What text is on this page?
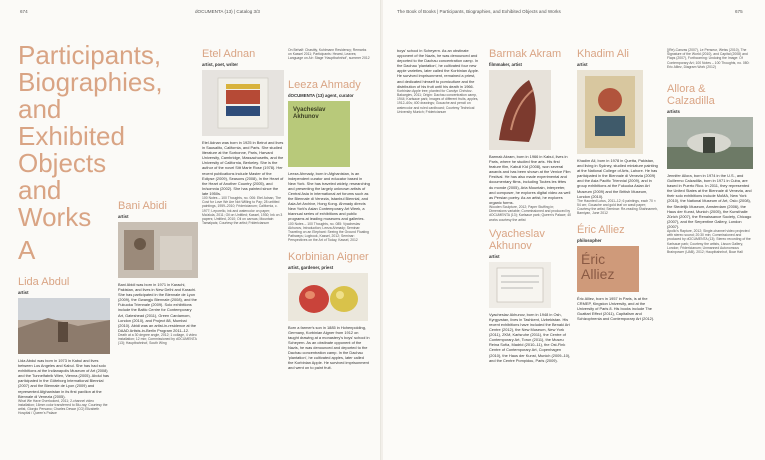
674	dOCUMENTA (13) | Catalog 3/3

Participants,

Biographies,

and Exhibited

Objects and

Works

A

Lida Abdul

artist

Lida Abdul was born in 1973 in Kabul and lives between Los Angeles and Kabul. She has had solo exhibitions at the Indianapolis Museum of Art (2008) and the Tunnelfabrik Wien, Vienna (2005). Abdul has participated in the Göteborg International Biennial (2007) and the Biennale de Lyon (2009) and represented Afghanistan in its first pavilion at the Biennale di Venezia (2005).

What We Have Overlooked, 2011; 2-channel video installation; 16mm color transferred to Blu-ray; Courtesy the artist, Giorgio Persano; Charles Dewar (CG) Elizabeth Hospital / Queen's Palace

Bani Abidi

artist

Bani Abidi was born in 1971 in Karachi, Pakistan, and lives in New Delhi and Karachi. She has participated in the Biennale de Lyon (2009), the Gwangju Biennale (2008), and the Fukuoka Triennale (2009). Solo exhibitions include the Baltic Centre for Contemporary Art, Gateshead (2011), Green Cardamom, London (2010), and Project 88, Mumbai (2010). Abidi was an artist-in-residence at the DAAD Artists-in-Berlin Program 2011–12.

Death at a 30 degree angle, 2012; 1 collage, 4 video installation; 12 min; Commissioned by dOCUMENTA (13); Hauptbahnhof, South Wing

Etel Adnan

artist, poet, writer

Etel Adnan was born in 1925 in Beirut and lives in Sausalito, California, and Paris. She studied literature at the Sorbonne, Paris, Harvard University, Cambridge, Massachusetts, and the University of California, Berkeley. She is the author of the novel Sitt Marie Rose (1978). Her recent publications include Master of the Eclipse (2009), Seasons (2008), In the Heart of the Heart of Another Country (2005), and In/somnia (2002). She has painted since the late 1950s.

100 Notes – 100 Thoughts, no. 006: Etel Adnan, The Cost for Love We Are Not Willing to Pay; 28 untitled paintings, 1959–2010; Fridericianum; California, c. 1977; Leporello, ink and watercolor on paper; Ma'alula, 2011; Oil on Untitled; Kassel, 1930; Ink on 3 papers; Untitled, 2010; Oil on canvas; Mountain Tamalpais; Courtesy the artist; Fridericianum

On Behalf: Chastity, Kuhlmann Residency; Remarks on Kassel 2011; Participants: Hearst, Leaves; Language on Air: Stage 'Hauptbahnhof', summer 2012

Leeza Ahmady

dOCUMENTA (13) agent, curator

Vyacheslav Akhunov

Leeza Ahmady, born in Afghanistan, is an independent curator and educator based in New York. She has traveled widely, researching and presenting the largely unknown artists of Central Asia in international art forums such as the Biennale di Venezia, Istanbul Biennial, and Asia Art Archive, Hong Kong. Ahmady directs New York's Asian Contemporary Art Week, a biannual series of exhibitions and public programs at leading museums and galleries.

100 Notes – 100 Thoughts, no. 085: Vyacheslav Akhunov, Introduction; Leeza Ahmady; Seminar: Traveling on an Elephant: Seeing the Ground Floating Pathways; Logbook, Kassel, 2012; Seminar: Perspectives on the Art of Today, Kassel, 2012

Korbinian Aigner

artist, gardener, priest

Born a farmer's son in 1885 in Hohenpolding, Germany, Korbinian Aigner from 1912 on taught drawing at a monastery's boys' school in Scheyern. As an obstinate opponent of the Nazis, he was denounced and deported to the Dachau concentration camp. In the Dachau 'plantation', he cultivated apples, later called the Korbinian Apple. He survived imprisonment and went on to paint fruit.

The Book of Books | Participants, Biographies, and Exhibited Objects and Works	675

boys' school in Scheyern. As an obstinate opponent of the Nazis, he was denounced and deported to the Dachau concentration camp. In the Dachau 'plantation', he cultivated four new apple varieties, later called the Korbinian Apple. He survived imprisonment, remained a priest, and dedicated himself to pomiculture and the distribution of his fruit until his death in 1966.

Korbinian Apple tree; planted for Carolyn Christov-Bakargiev, 2011; Origin: Dachau concentration camp, 1944; Karlsaue park; Images of different fruits, apples, 1912–60s; 400 drawings; Gouache and pencil on watercolor and ruled cardboard; Courtesy Technical University Munich; Fridericianum

Barmak Akram

filmmaker, artist

Barmak Akram, born in 1966 in Kabul, lives in Paris, where he studied fine arts. His first feature film, Kabuli Kid (2008), won several awards and has been shown at the Venice Film Festival. He has also made experimental and documentary films, including Toutes les têtes du monde (2005), Aria Mountain, interpreter, and composer, he explores digital video as well as Persian poetry. As an artist, he explores organic forms.

Wooden Sculpture, 2012; Paper Stuffing in; Dimensions variable; Commissioned and produced by dOCUMENTA (13); Karlsaue park; Queen's Palace; 40 works courtesy the artist

Vyacheslav Akhunov

artist

Vyacheslav Akhunov, born in 1948 in Osh, Kyrgyzstan, lives in Tashkent, Uzbekistan. His recent exhibitions have included the Benaki Art Centre (2012), the New Museum, New York (2011), ZKM, Karlsruhe (2011), the Centre of Contemporary Art, Torun (2011), the Museu Reina Sofía, Madrid (2010–11), the Ost-Fink Centre of Contemporary Art, Copenhagen (2010), the Haus der Kunst, Munich (2009–10), and the Centre Pompidou, Paris (2009).

Khadim Ali

artist

Khadim Ali, born in 1978 in Quetta, Pakistan, and living in Sydney, studied miniature painting at the National College of Arts, Lahore. He has participated in the Biennale di Venezia (2009) and the Asia Pacific Triennial (2009), and in group exhibitions at the Fukuoka Asian Art Museum (2009) and the British Museum, London (2010).

The Haunted Lotus, 2011–12; 6 paintings, each 70 × 54 cm; Gouache and gold leaf on wasli paper; Courtesy the artist; Seminar: Re-reading Shahnameh, Bamiyan, June 2012

Éric Alliez

philosopher

Éric Alliez

Éric Alliez, born in 1957 in Paris, is at the CRMEP, Kingston University, and at the University of Paris 8. His books include The Guattari Effect (2011), Capitalism and Schizophrenia and Contemporary Art (2012).

[(Re)-Canvas (2007), Le Penseur, Weiss (2010), The Signature of the World (2010), and Capital (2008) and Flaps (2007), Forthcoming: Undoing the Image: Of Contemporary Art; 100 Notes – 100 Thoughts, no. 080: Eric Alliez, Diagram Work (2012)

Allora & Calzadilla

artists

Jennifer Allora, born in 1974 in the U.S., and Guillermo Calzadilla, born in 1971 in Cuba, are based in Puerto Rico. In 2011, they represented the United States at the Biennale di Venezia, and their solo exhibitions include MoMA, New York (2010), the National Museum of Art, Oslo (2008), the Stedelijk Museum, Amsterdam (2006), the Haus der Kunst, Munich (2005), the Kunsthalle Zürich (2007), the Renaissance Society, Chicago (2007), and the Serpentine Gallery, London (2007).

Apollo's Rapture, 2012; Single-channel video projected with stereo sound; 20:30 min; Commissioned and produced by dOCUMENTA (13); Stereo recording of the Karlsaue park; Courtesy the artists, Lisson Gallery, London; Fridericianum; Unmanned Autonomous Brainpower (UAB), 2012; Hauptbahnhof, Boar Hall
